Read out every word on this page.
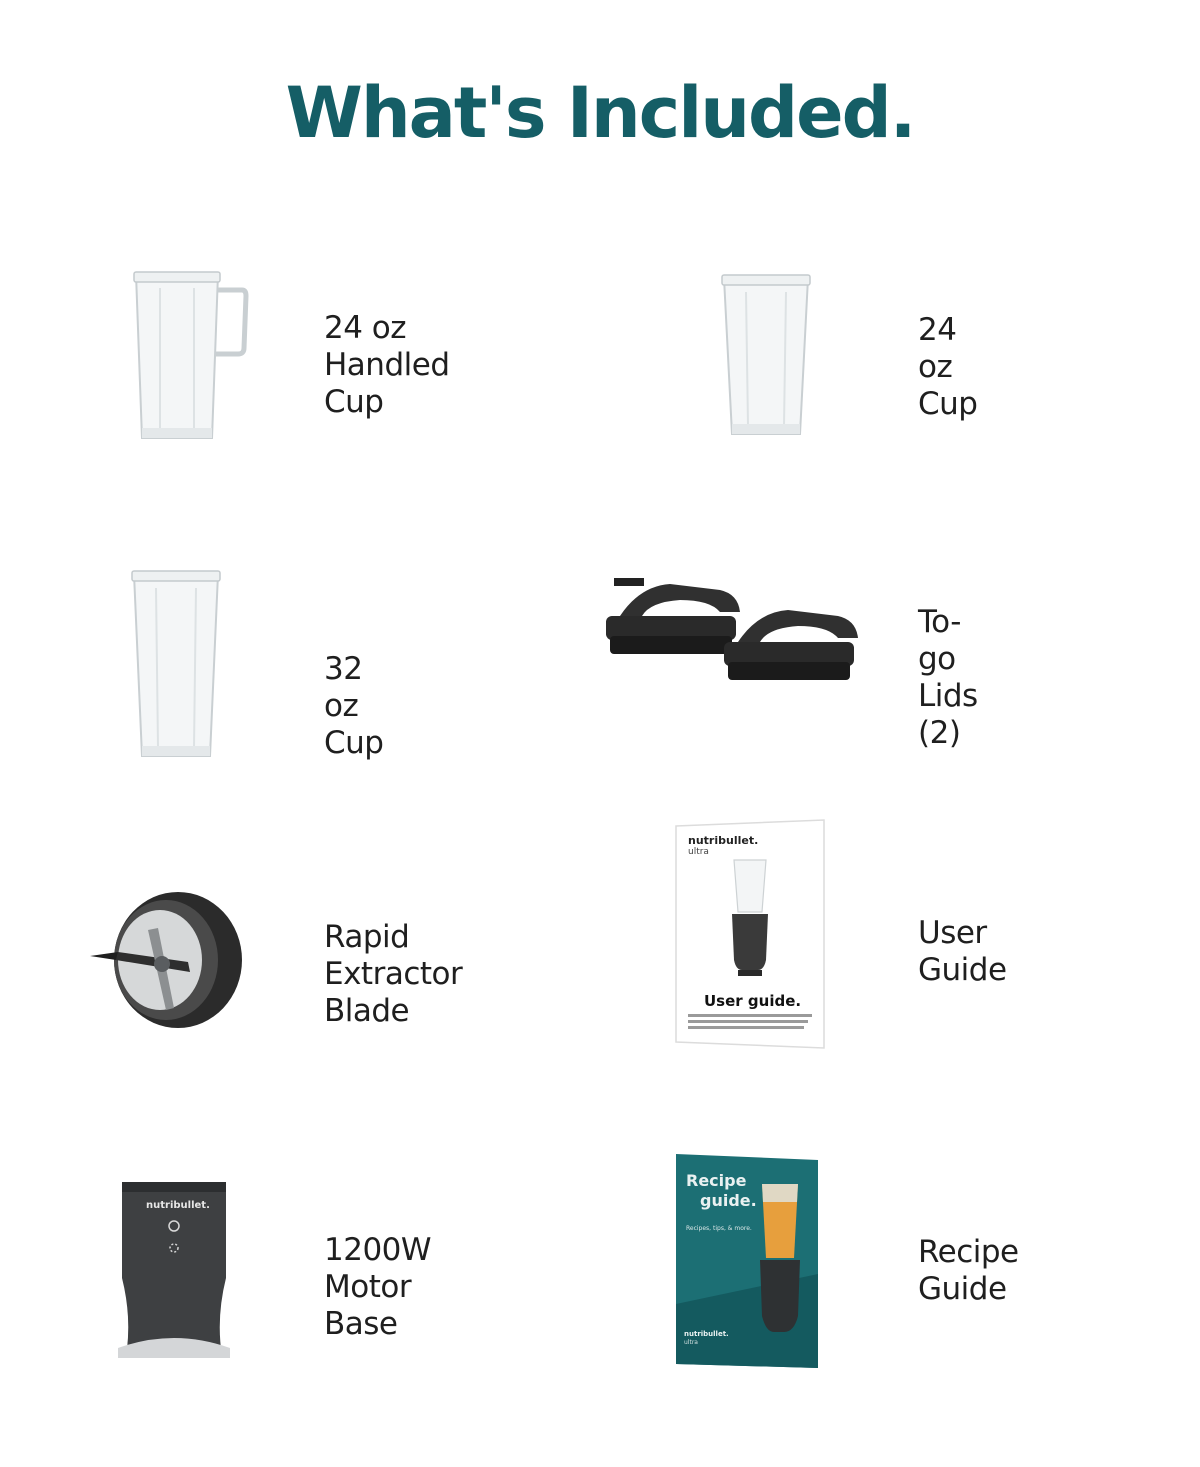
What's Included.
24 oz Handled
Cup
24 oz Cup
32 oz Cup
To-go Lids (2)
Rapid Extractor
Blade
nutribullet.
ultra
User guide.
User Guide
nutribullet.
1200W
Motor Base
Recipe
guide.
Recipes, tips, & more.
nutribullet.
ultra
Recipe Guide
